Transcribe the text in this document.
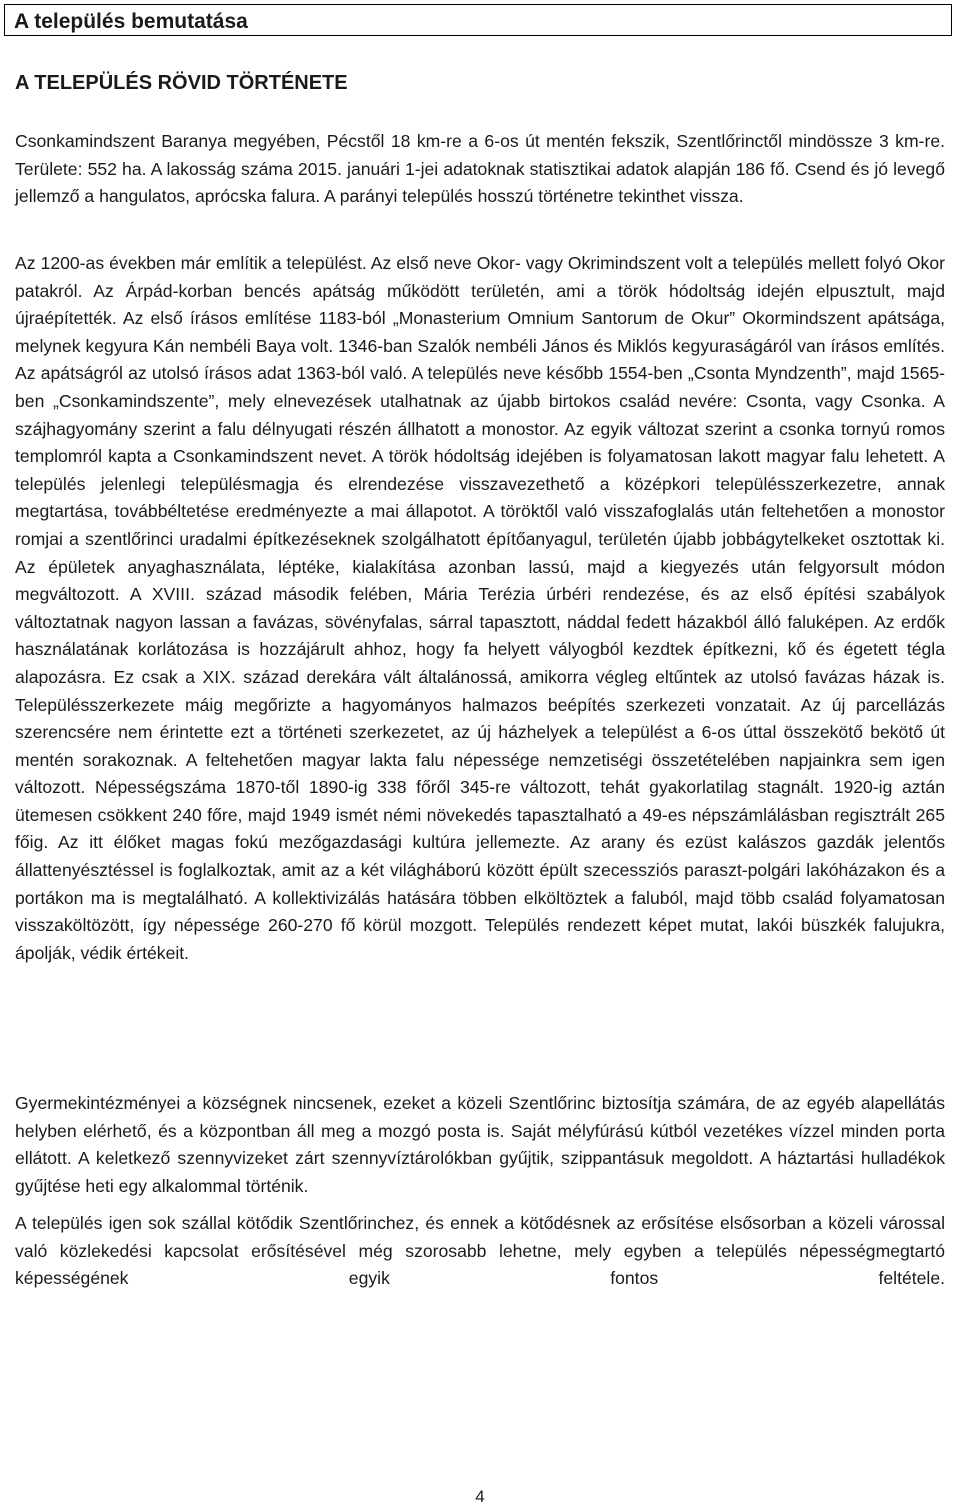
A település bemutatása
A TELEPÜLÉS RÖVID TÖRTÉNETE

Csonkamindszent Baranya megyében, Pécstől 18 km-re a 6-os út mentén fekszik, Szentlőrinctől mindössze 3 km-re. Területe: 552 ha. A lakosság száma 2015. januári 1-jei adatoknak statisztikai adatok alapján 186 fő. Csend és jó levegő jellemző a hangulatos, aprócska falura. A parányi település hosszú történetre tekinthet vissza.

Az 1200-as években már említik a települést. Az első neve Okor- vagy Okrimindszent volt a település mellett folyó Okor patakról. Az Árpád-korban bencés apátság működött területén, ami a török hódoltság idején elpusztult, majd újraépítették. Az első írásos említése 1183-ból „Monasterium Omnium Santorum de Okur” Okormindszent apátsága, melynek kegyura Kán nembéli Baya volt. 1346-ban Szalók nembéli János és Miklós kegyuraságáról van írásos említés. Az apátságról az utolsó írásos adat 1363-ból való. A település neve később 1554-ben „Csonta Myndzenth”, majd 1565-ben „Csonkamindszente”, mely elnevezések utalhatnak az újabb birtokos család nevére: Csonta, vagy Csonka. A szájhagyomány szerint a falu délnyugati részén állhatott a monostor. Az egyik változat szerint a csonka tornyú romos templomról kapta a Csonkamindszent nevet. A török hódoltság idejében is folyamatosan lakott magyar falu lehetett. A település jelenlegi településmagja és elrendezése visszavezethető a középkori településszerkezetre, annak megtartása, továbbéltetése eredményezte a mai állapotot. A töröktől való visszafoglalás után feltehetően a monostor romjai a szentlőrinci uradalmi építkezéseknek szolgálhatott építőanyagul, területén újabb jobbágytelkeket osztottak ki. Az épületek anyaghasználata, léptéke, kialakítása azonban lassú, majd a kiegyezés után felgyorsult módon megváltozott. A XVIII. század második felében, Mária Terézia úrbéri rendezése, és az első építési szabályok változtatnak nagyon lassan a favázas, sövényfalas, sárral tapasztott, náddal fedett házakból álló faluképen. Az erdők használatának korlátozása is hozzájárult ahhoz, hogy fa helyett vályogból kezdtek építkezni, kő és égetett tégla alapozásra. Ez csak a XIX. század derekára vált általánossá, amikorra végleg eltűntek az utolsó favázas házak is. Településszerkezete máig megőrizte a hagyományos halmazos beépítés szerkezeti vonzatait. Az új parcellázás szerencsére nem érintette ezt a történeti szerkezetet, az új házhelyek a települést a 6-os úttal összekötő bekötő út mentén sorakoznak. A feltehetően magyar lakta falu népessége nemzetiségi összetételében napjainkra sem igen változott. Népességszáma 1870-től 1890-ig 338 főről 345-re változott, tehát gyakorlatilag stagnált. 1920-ig aztán ütemesen csökkent 240 főre, majd 1949 ismét némi növekedés tapasztalható a 49-es népszámlálásban regisztrált 265 főig. Az itt élőket magas fokú mezőgazdasági kultúra jellemezte. Az arany és ezüst kalászos gazdák jelentős állattenyésztéssel is foglalkoztak, amit az a két világháború között épült szecessziós paraszt-polgári lakóházakon és a portákon ma is megtalálható. A kollektivizálás hatására többen elköltöztek a faluból, majd több család folyamatosan visszaköltözött, így népessége 260-270 fő körül mozgott. Település rendezett képet mutat, lakói büszkék falujukra, ápolják, védik értékeit.

Gyermekintézményei a községnek nincsenek, ezeket a közeli Szentlőrinc biztosítja számára, de az egyéb alapellátás helyben elérhető, és a központban áll meg a mozgó posta is. Saját mélyfúrású kútból vezetékes vízzel minden porta ellátott. A keletkező szennyvizeket zárt szennyvíztárolókban gyűjtik, szippantásuk megoldott. A háztartási hulladékok gyűjtése heti egy alkalommal történik.

A település igen sok szállal kötődik Szentlőrinchez, és ennek a kötődésnek az erősítése elsősorban a közeli várossal való közlekedési kapcsolat erősítésével még szorosabb lehetne, mely egyben a település népességmegtartó képességének egyik fontos feltétele.

4
